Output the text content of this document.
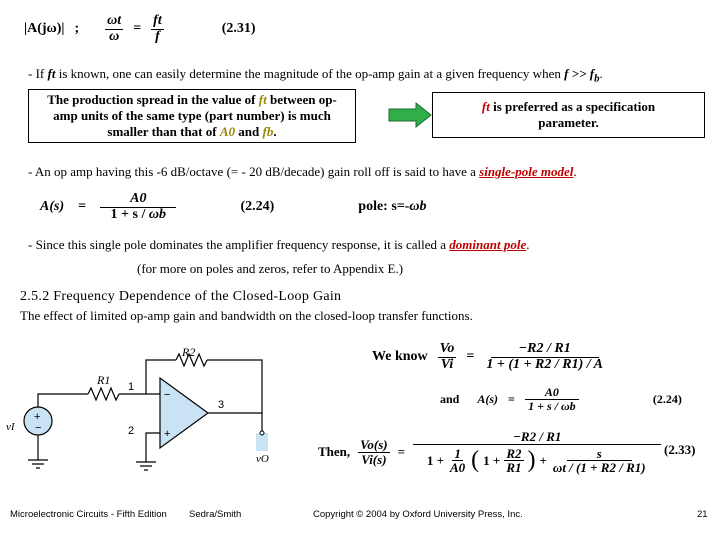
|A(jω)| ; $\frac{\omega t}{\omega} = \frac{ft}{f}$	(2.31)
- If ft is known, one can easily determine the magnitude of the op-amp gain at a given frequency when $f >> f_b$.
The production spread in the value of ft between op-
amp units of the same type (part number) is much
smaller than that of A0 and fb.
ft is preferred as a specification
parameter.
- An op amp having this -6 dB/octave (= - 20 dB/decade) gain roll off is said to have a single-pole model.
$A(s) = \frac{A0}{1 + s / \omega b}$	(2.24)	pole: s=-ωb
- Since this single pole dominates the amplifier frequency response, it is called a dominant pole.
(for more on poles and zeros, refer to Appendix E.)
2.5.2 Frequency Dependence of the Closed-Loop Gain
The effect of limited op-amp gain and bandwidth on the closed-loop transfer functions.
+
−
R2
R1 1
2
3
−
+
vI
vO
We know $\frac{Vo}{Vi} = \frac{-R2 / R1}{1 + (1 + R2 / R1) / A}$
and $A(s) = \frac{A0}{1 + s / \omega b}$	(2.24)
Then, $\frac{Vo(s)}{Vi(s)}$ =
−R2 / R1
$1 + \frac{1}{A0}$ ( $1 + \frac{R2}{R1}$ ) + $\frac{s}{\omega t / (1 + R2 / R1)} (2.33)$
Microelectronic Circuits - Fifth Edition Sedra/Smith	Copyright © 2004 by Oxford University Press, Inc.	21
